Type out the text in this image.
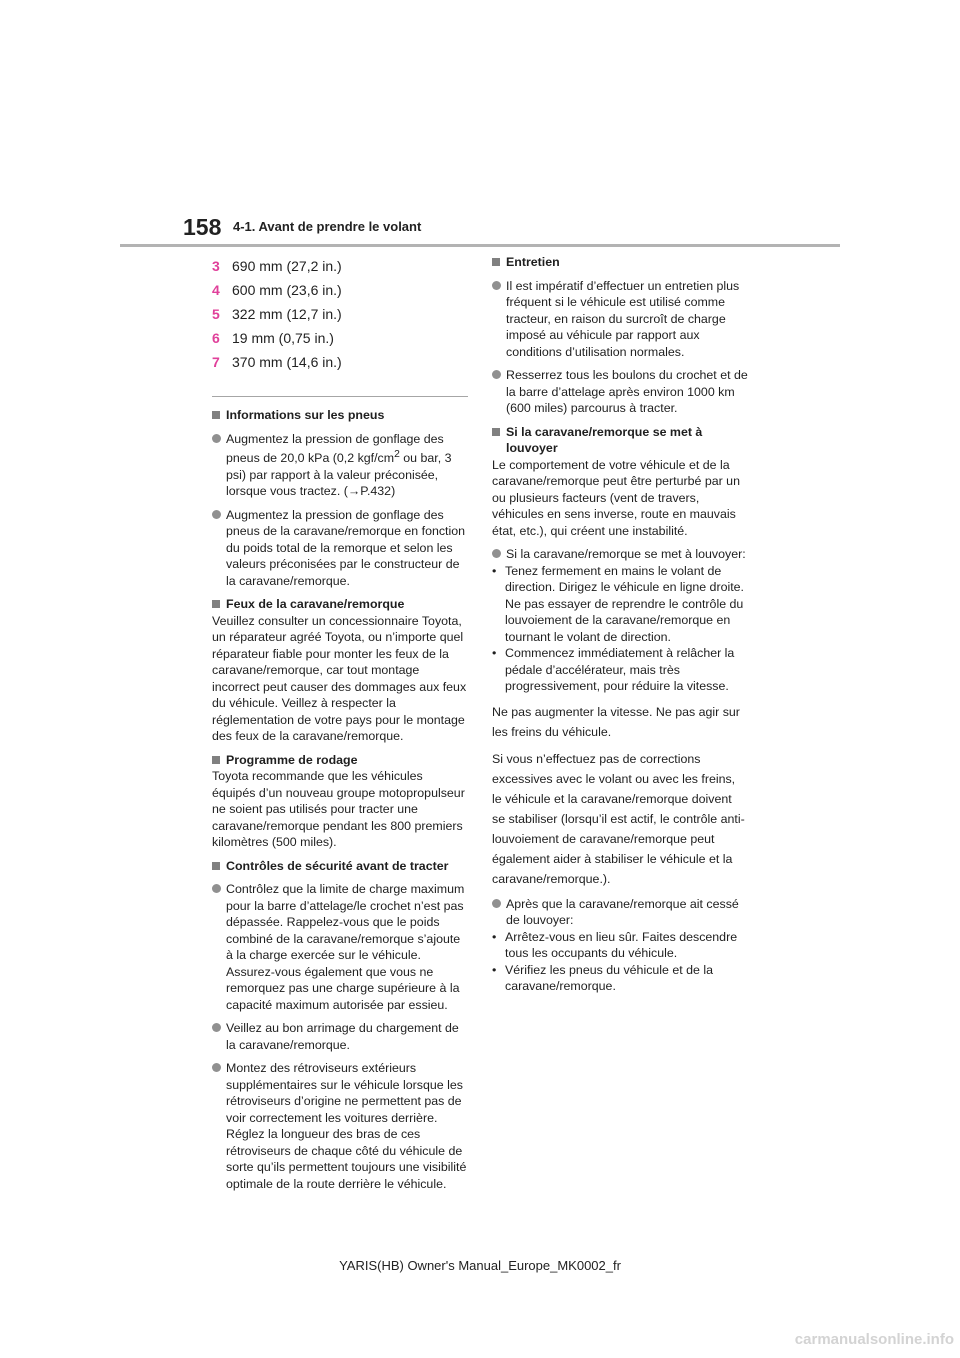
158 4-1. Avant de prendre le volant
3 690 mm (27,2 in.)
4 600 mm (23,6 in.)
5 322 mm (12,7 in.)
6 19 mm (0,75 in.)
7 370 mm (14,6 in.)
Informations sur les pneus
Augmentez la pression de gonflage des pneus de 20,0 kPa (0,2 kgf/$cm^2$ ou bar, 3 psi) par rapport à la valeur préconisée, lorsque vous tractez. (→P.432)
Augmentez la pression de gonflage des pneus de la caravane/remorque en fonction du poids total de la remorque et selon les valeurs préconisées par le constructeur de la caravane/remorque.
Feux de la caravane/remorque
Veuillez consulter un concessionnaire Toyota, un réparateur agréé Toyota, ou n’importe quel réparateur fiable pour monter les feux de la caravane/remorque, car tout montage incorrect peut causer des dommages aux feux du véhicule. Veillez à respecter la réglementation de votre pays pour le montage des feux de la caravane/remorque.
Programme de rodage
Toyota recommande que les véhicules équipés d’un nouveau groupe motopropulseur ne soient pas utilisés pour tracter une caravane/remorque pendant les 800 premiers kilomètres (500 miles).
Contrôles de sécurité avant de tracter
Contrôlez que la limite de charge maximum pour la barre d’attelage/le crochet n’est pas dépassée. Rappelez-vous que le poids combiné de la caravane/remorque s’ajoute à la charge exercée sur le véhicule. Assurez-vous également que vous ne remorquez pas une charge supérieure à la capacité maximum autorisée par essieu.
Veillez au bon arrimage du chargement de la caravane/remorque.
Montez des rétroviseurs extérieurs supplémentaires sur le véhicule lorsque les rétroviseurs d’origine ne permettent pas de voir correctement les voitures derrière. Réglez la longueur des bras de ces rétroviseurs de chaque côté du véhicule de sorte qu’ils permettent toujours une visibilité optimale de la route derrière le véhicule.
Entretien
Il est impératif d’effectuer un entretien plus fréquent si le véhicule est utilisé comme tracteur, en raison du surcroît de charge imposé au véhicule par rapport aux conditions d’utilisation normales.
Resserrez tous les boulons du crochet et de la barre d’attelage après environ 1000 km (600 miles) parcourus à tracter.
Si la caravane/remorque se met à louvoyer
Le comportement de votre véhicule et de la caravane/remorque peut être perturbé par un ou plusieurs facteurs (vent de travers, véhicules en sens inverse, route en mauvais état, etc.), qui créent une instabilité.
Si la caravane/remorque se met à louvoyer:
• Tenez fermement en mains le volant de direction. Dirigez le véhicule en ligne droite. Ne pas essayer de reprendre le contrôle du louvoiement de la caravane/remorque en tournant le volant de direction.
• Commencez immédiatement à relâcher la pédale d’accélérateur, mais très progressivement, pour réduire la vitesse.
Ne pas augmenter la vitesse. Ne pas agir sur les freins du véhicule.
Si vous n’effectuez pas de corrections excessives avec le volant ou avec les freins, le véhicule et la caravane/remorque doivent se stabiliser (lorsqu’il est actif, le contrôle anti-louvoiement de caravane/remorque peut également aider à stabiliser le véhicule et la caravane/remorque.).
Après que la caravane/remorque ait cessé de louvoyer:
• Arrêtez-vous en lieu sûr. Faites descendre tous les occupants du véhicule.
• Vérifiez les pneus du véhicule et de la caravane/remorque.
YARIS(HB) Owner's Manual_Europe_MK0002_fr
carmanualsonline.info
